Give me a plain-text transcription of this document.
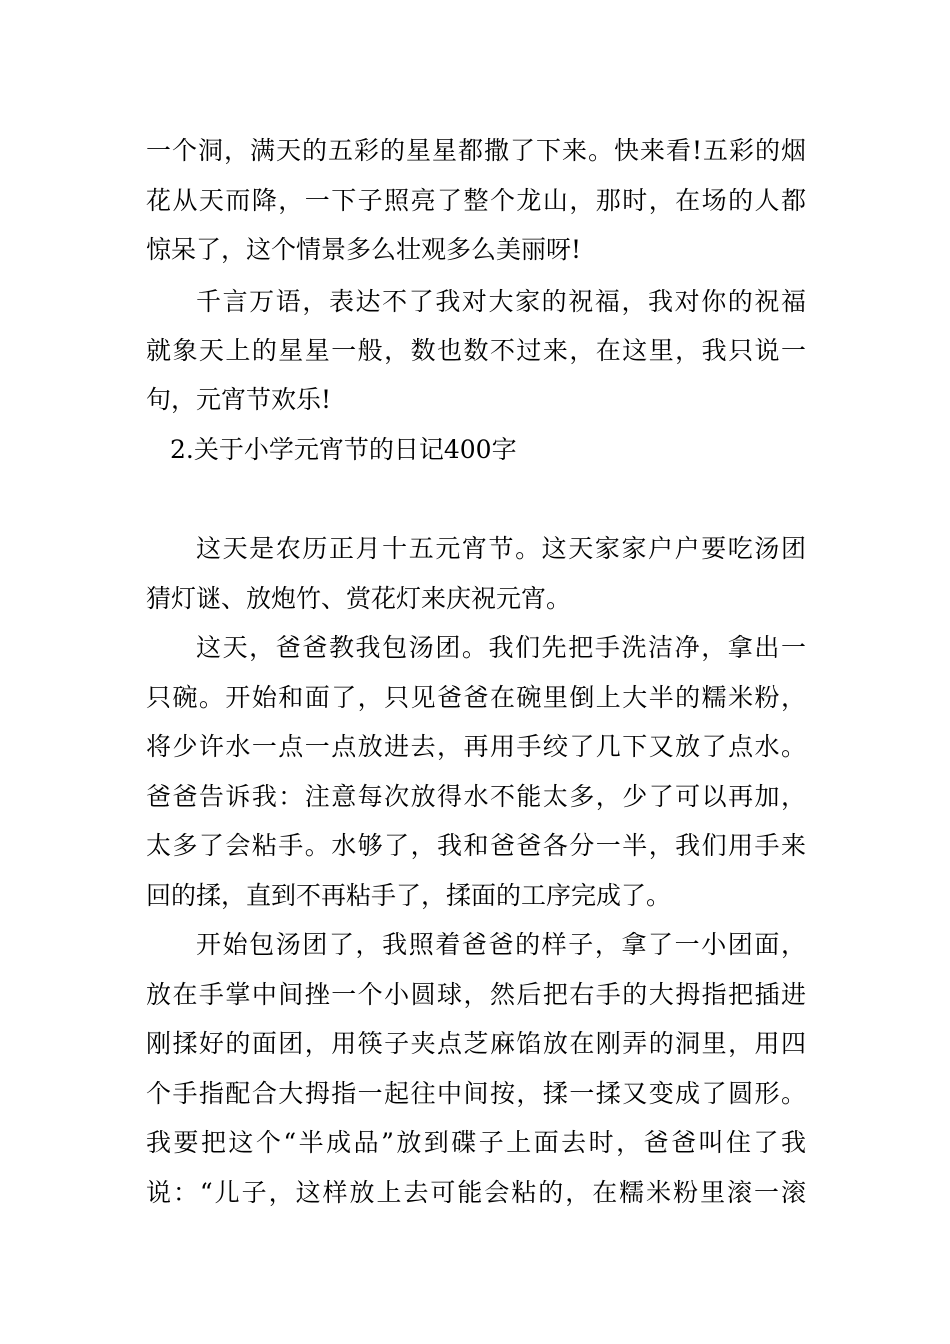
一个洞，满天的五彩的星星都撒了下来。快来看!五彩的烟
花从天而降，一下子照亮了整个龙山，那时，在场的人都
惊呆了，这个情景多么壮观多么美丽呀!
千言万语，表达不了我对大家的祝福，我对你的祝福
就象天上的星星一般，数也数不过来，在这里，我只说一
句，元宵节欢乐!
2.关于小学元宵节的日记400字
这天是农历正月十五元宵节。这天家家户户要吃汤团
猜灯谜、放炮竹、赏花灯来庆祝元宵。
这天，爸爸教我包汤团。我们先把手洗洁净，拿出一
只碗。开始和面了，只见爸爸在碗里倒上大半的糯米粉，
将少许水一点一点放进去，再用手绞了几下又放了点水。
爸爸告诉我：注意每次放得水不能太多，少了可以再加，
太多了会粘手。水够了，我和爸爸各分一半，我们用手来
回的揉，直到不再粘手了，揉面的工序完成了。
开始包汤团了，我照着爸爸的样子，拿了一小团面，
放在手掌中间挫一个小圆球，然后把右手的大拇指把插进
刚揉好的面团，用筷子夹点芝麻馅放在刚弄的洞里，用四
个手指配合大拇指一起往中间按，揉一揉又变成了圆形。
我要把这个“半成品”放到碟子上面去时，爸爸叫住了我
说：“儿子，这样放上去可能会粘的，在糯米粉里滚一滚
